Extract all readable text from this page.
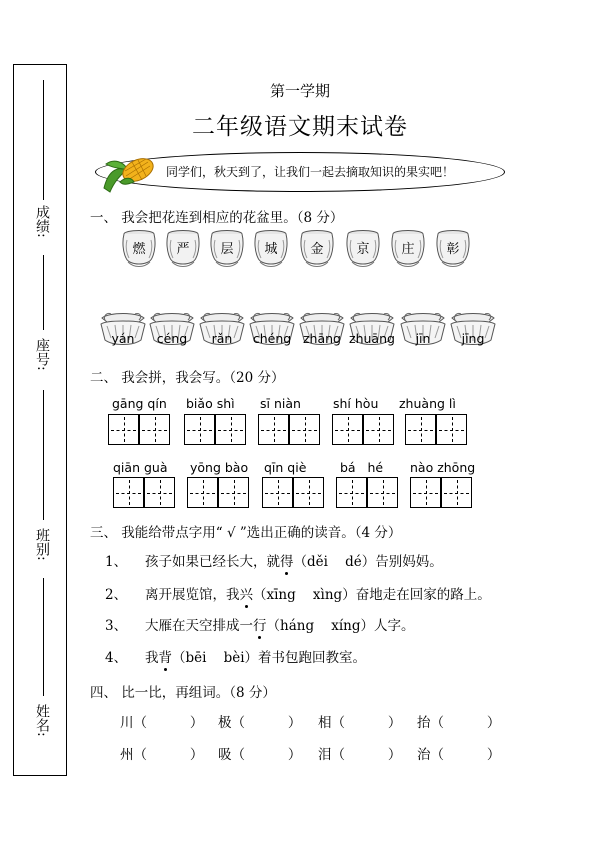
成绩:
座号:
班别:
姓名:
第一学期
二年级语文期末试卷
同学们，秋天到了，让我们一起去摘取知识的果实吧！
一、 我会把花连到相应的花盆里。（8 分）
燃	严	层	城	金	京	庄	彰
yán	céng	rǎn	chéng zhāng zhuāng	jīn	jīng
二、 我会拼，我会写。（20 分）
gāng qín biǎo shì sī niàn	shí hòu zhuàng lì
qiān guà yōng bào qīn qiè	bá   hé nào zhōng
三、 我能给带点字用“ √ ”选出正确的读音。（4 分）
1、 孩子如果已经长大，就得
（děi    dé）告别妈妈。
2、 离开展览馆，我兴
（xīng    xìng）奋地走在回家的路上。
3、 大雁在天空排成一行
（háng    xíng）人字。
4、 我背
（bēi    bèi）着书包跑回教室。
四、 比一比，再组词。（8 分）
川（          ） 极（          ） 相（          ） 抬（          ）
州（          ） 吸（          ） 泪（          ） 治（          ）
